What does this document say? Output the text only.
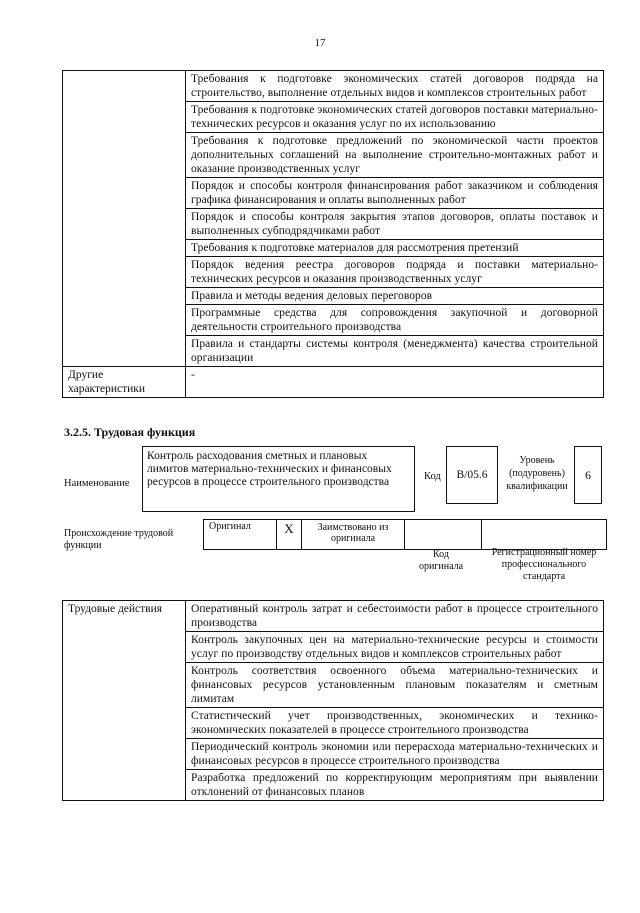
17

	Требования к подготовке экономических статей договоров подряда на строительство, выполнение отдельных видов и комплексов строительных работ

	Требования к подготовке экономических статей договоров поставки материально-технических ресурсов и оказания услуг по их использованию

	Требования к подготовке предложений по экономической части проектов дополнительных соглашений на выполнение строительно-монтажных работ и оказание производственных услуг

	Порядок и способы контроля финансирования работ заказчиком и соблюдения графика финансирования и оплаты выполненных работ

	Порядок и способы контроля закрытия этапов договоров, оплаты поставок и выполненных субподрядчиками работ

	Требования к подготовке материалов для рассмотрения претензий

	Порядок ведения реестра договоров подряда и поставки материально-технических ресурсов и оказания производственных услуг

	Правила и методы ведения деловых переговоров

	Программные средства для сопровождения закупочной и договорной деятельности строительного производства

	Правила и стандарты системы контроля (менеджмента) качества строительной организации

Другие характеристики	-
3.2.5. Трудовая функция
Наименование
Контроль расходования сметных и плановых лимитов материально-технических и финансовых ресурсов в процессе строительного производства	Код	В/05.6
Уровень (подуровень) квалификации
6
Происхождение трудовой функции
Оригинал	X	Заимствовано из оригинала		
Код оригинала
Регистрационный номер профессионального стандарта
Трудовые действия	Оперативный контроль затрат и себестоимости работ в процессе строительного производства

Контроль закупочных цен на материально-технические ресурсы и стоимости услуг по производству отдельных видов и комплексов строительных работ

Контроль соответствия освоенного объема материально-технических и финансовых ресурсов установленным плановым показателям и сметным лимитам

Статистический учет производственных, экономических и технико-экономических показателей в процессе строительного производства

Периодический контроль экономии или перерасхода материально-технических и финансовых ресурсов в процессе строительного производства

Разработка предложений по корректирующим мероприятиям при выявлении отклонений от финансовых планов
